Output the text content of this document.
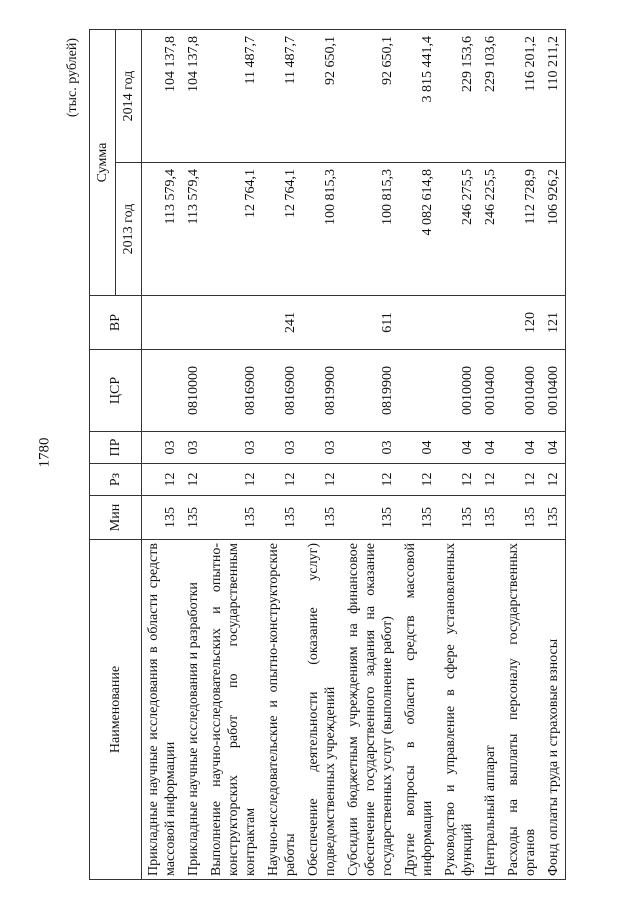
1780
(тыс. рублей)
Наименование	Мин	Рз	ПР	ЦСР	ВР	Сумма	
						2013 год	2014 год
Прикладные научные исследования в области средств массовой информации	135	12	03			113 579,4	104 137,8
Прикладные научные исследования и разработки	135	12	03	0810000		113 579,4	104 137,8
Выполнение научно-исследовательских и опытно-конструкторских работ по государственным контрактам	135	12	03	0816900		12 764,1	11 487,7
Научно-исследовательские и опытно-конструкторские работы	135	12	03	0816900	241	12 764,1	11 487,7
Обеспечение деятельности (оказание услуг) подведомственных учреждений	135	12	03	0819900		100 815,3	92 650,1
Субсидии бюджетным учреждениям на финансовое обеспечение государственного задания на оказание государственных услуг (выполнение работ)	135	12	03	0819900	611	100 815,3	92 650,1
Другие вопросы в области средств массовой информации	135	12	04			4 082 614,8	3 815 441,4
Руководство и управление в сфере установленных функций	135	12	04	0010000		246 275,5	229 153,6
Центральный аппарат	135	12	04	0010400		246 225,5	229 103,6
Расходы на выплаты персоналу государственных органов	135	12	04	0010400	120	112 728,9	116 201,2
Фонд оплаты труда и страховые взносы	135	12	04	0010400	121	106 926,2	110 211,2
